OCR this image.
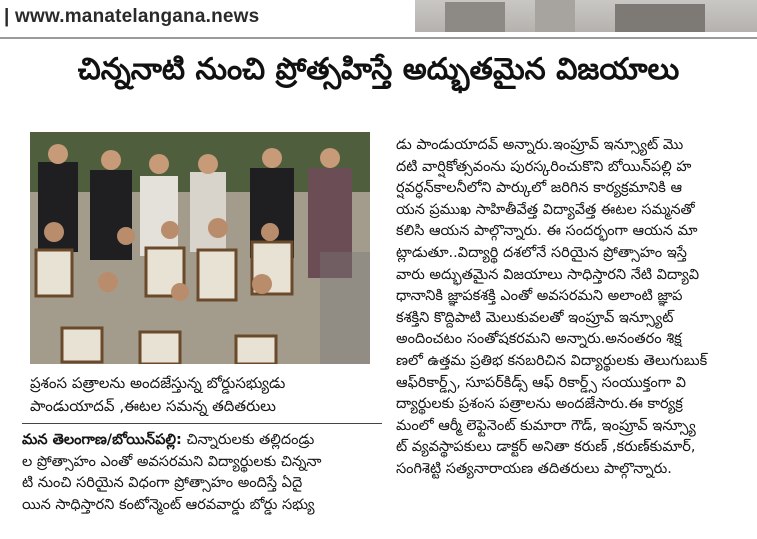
| www.manatelangana.news
చిన్ననాటి నుంచి ప్రోత్సహిస్తే అద్భుతమైన విజయాలు
ప్రశంస పత్రాలను అందజేస్తున్న బోర్డుసభ్యుడు
పాండుయాదవ్ ,ఈటల సమన్న తదితరులు
మన తెలంగాణ/బోయిన్‌పల్లి: చిన్నారులకు తల్లిదండ్రు
ల ప్రోత్సాహం ఎంతో అవసరమని విద్యార్థులకు చిన్ననా
టి నుంచి సరియైన విధంగా ప్రోత్సాహం అందిస్తే ఏదై
యిన సాధిస్తారని కంటోన్మెంట్ ఆరవవార్డు బోర్డు సభ్యు
డు పాండుయాదవ్ అన్నారు.ఇంప్రూవ్ ఇన్స్యూట్ మొ
దటి వార్షికోత్సవంను పురస్కరించుకొని బోయిన్‌పల్లి హ
ర్షవర్ధన్‌కాలనీలోని పార్కులో జరిగిన కార్యక్రమానికి ఆ
యన ప్రముఖ సాహితీవేత్త విద్యావేత్త ఈటల సమ్మనతో
కలిసి ఆయన పాల్గొన్నారు. ఈ సందర్భంగా ఆయన మా
ట్లాడుతూ..విద్యార్థి దశలోనే సరియైన ప్రోత్సాహం ఇస్తే
వారు అద్భుతమైన విజయాలు సాధిస్తారని నేటి విద్యావి
ధానానికి జ్ఞాపకశక్తి ఎంతో అవసరమని అలాంటి జ్ఞాప
కశక్తిని కొద్దిపాటి మెలుకువలతో ఇంప్రూవ్ ఇన్స్యూట్
అందించటం సంతోషకరమని అన్నారు.అనంతరం శిక్ష
ణలో ఉత్తమ ప్రతిభ కనబరిచిన విద్యార్థులకు తెలుగుబుక్
ఆఫ్‌రికార్డ్స్, సూపర్‌కిడ్స్ ఆఫ్ రికార్డ్స్ సంయుక్తంగా వి
ద్యార్థులకు ప్రశంస పత్రాలను అందజేసారు.ఈ కార్యక్ర
మంలో ఆర్మీ లెఫ్టెనెంట్ కుమారా గౌడ్, ఇంప్రూవ్ ఇన్స్యూ
ట్ వ్యవస్థాపకులు డాక్టర్ అనితా కరుణ్ ,కరుణ్‌కుమార్,
సంగిశెట్టి సత్యనారాయణ తదితరులు పాల్గొన్నారు.
